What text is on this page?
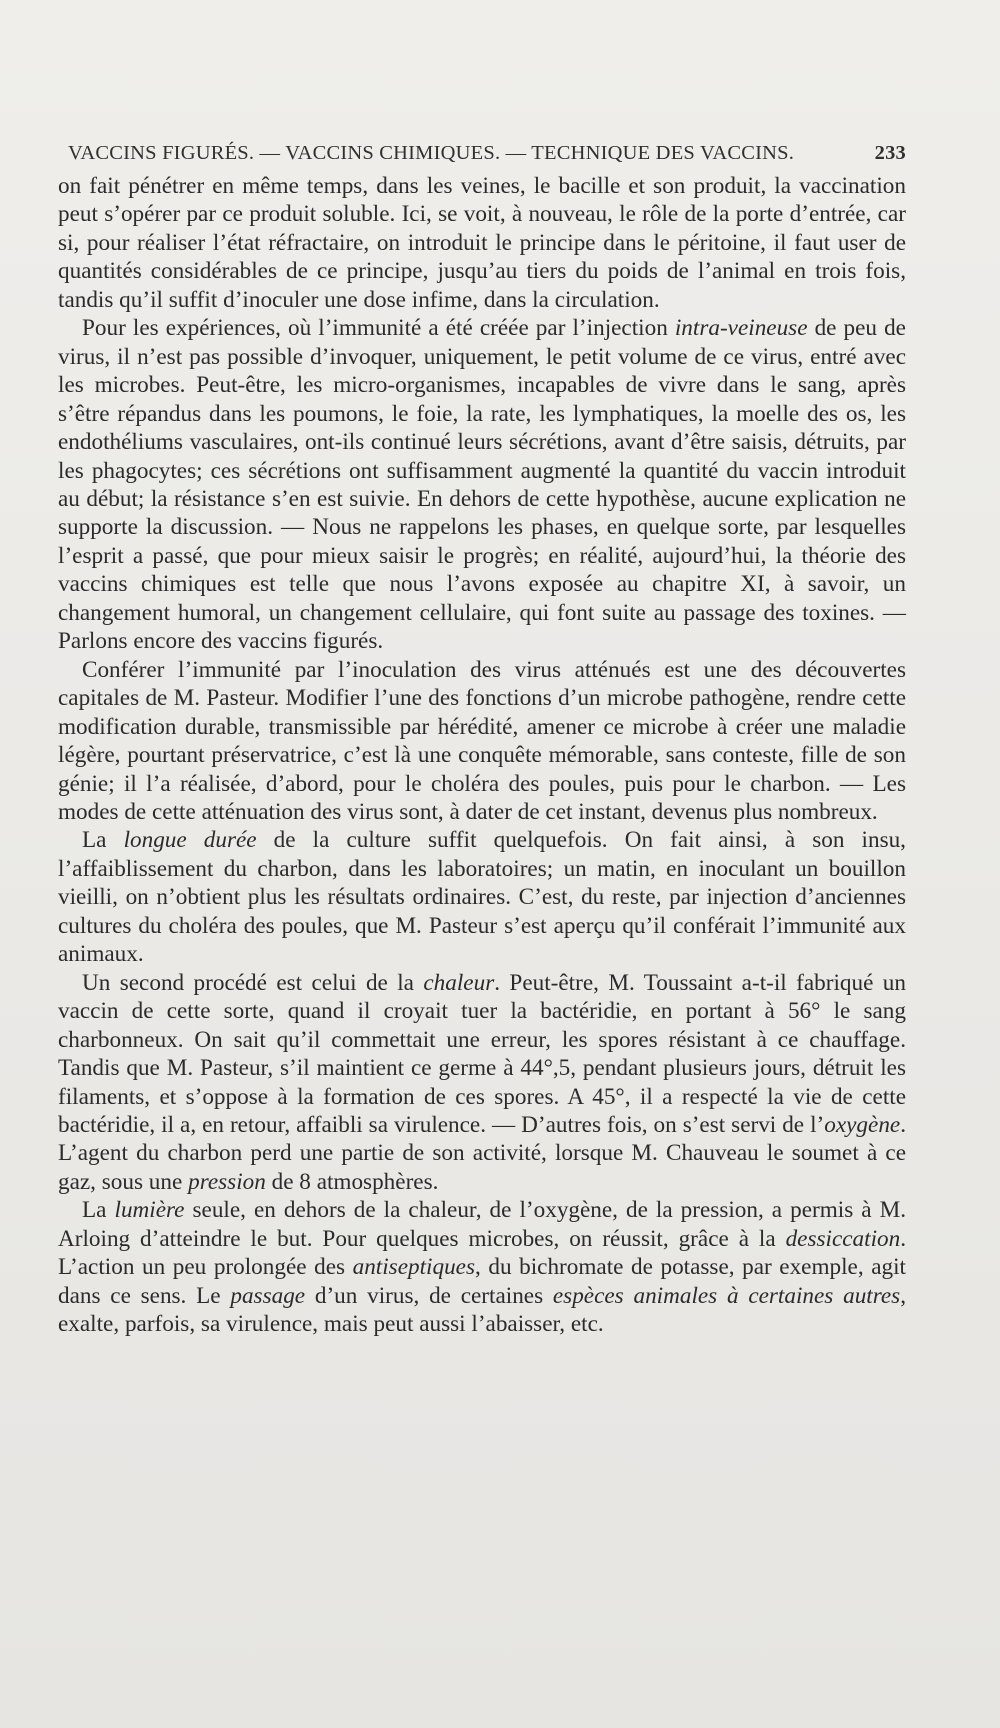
VACCINS FIGURÉS. — VACCINS CHIMIQUES. — TECHNIQUE DES VACCINS.	233

on fait pénétrer en même temps, dans les veines, le bacille et son produit, la vaccination peut s’opérer par ce produit soluble. Ici, se voit, à nouveau, le rôle de la porte d’entrée, car si, pour réaliser l’état réfractaire, on introduit le principe dans le péritoine, il faut user de quantités considérables de ce principe, jusqu’au tiers du poids de l’animal en trois fois, tandis qu’il suffit d’inoculer une dose infime, dans la circulation.

Pour les expériences, où l’immunité a été créée par l’injection intra-veineuse de peu de virus, il n’est pas possible d’invoquer, uniquement, le petit volume de ce virus, entré avec les microbes. Peut-être, les micro-organismes, incapables de vivre dans le sang, après s’être répandus dans les poumons, le foie, la rate, les lymphatiques, la moelle des os, les endothéliums vasculaires, ont-ils continué leurs sécrétions, avant d’être saisis, détruits, par les phagocytes; ces sécrétions ont suffisamment augmenté la quantité du vaccin introduit au début; la résistance s’en est suivie. En dehors de cette hypothèse, aucune explication ne supporte la discussion. — Nous ne rappelons les phases, en quelque sorte, par lesquelles l’esprit a passé, que pour mieux saisir le progrès; en réalité, aujourd’hui, la théorie des vaccins chimiques est telle que nous l’avons exposée au chapitre XI, à savoir, un changement humoral, un changement cellulaire, qui font suite au passage des toxines. — Parlons encore des vaccins figurés.

Conférer l’immunité par l’inoculation des virus atténués est une des découvertes capitales de M. Pasteur. Modifier l’une des fonctions d’un microbe pathogène, rendre cette modification durable, transmissible par hérédité, amener ce microbe à créer une maladie légère, pourtant préservatrice, c’est là une conquête mémorable, sans conteste, fille de son génie; il l’a réalisée, d’abord, pour le choléra des poules, puis pour le charbon. — Les modes de cette atténuation des virus sont, à dater de cet instant, devenus plus nombreux.

La longue durée de la culture suffit quelquefois. On fait ainsi, à son insu, l’affaiblissement du charbon, dans les laboratoires; un matin, en inoculant un bouillon vieilli, on n’obtient plus les résultats ordinaires. C’est, du reste, par injection d’anciennes cultures du choléra des poules, que M. Pasteur s’est aperçu qu’il conférait l’immunité aux animaux.

Un second procédé est celui de la chaleur. Peut-être, M. Toussaint a-t-il fabriqué un vaccin de cette sorte, quand il croyait tuer la bactéridie, en portant à 56° le sang charbonneux. On sait qu’il commettait une erreur, les spores résistant à ce chauffage. Tandis que M. Pasteur, s’il maintient ce germe à 44°,5, pendant plusieurs jours, détruit les filaments, et s’oppose à la formation de ces spores. A 45°, il a respecté la vie de cette bactéridie, il a, en retour, affaibli sa virulence. — D’autres fois, on s’est servi de l’oxygène. L’agent du charbon perd une partie de son activité, lorsque M. Chauveau le soumet à ce gaz, sous une pression de 8 atmosphères.

La lumière seule, en dehors de la chaleur, de l’oxygène, de la pression, a permis à M. Arloing d’atteindre le but. Pour quelques microbes, on réussit, grâce à la dessiccation. L’action un peu prolongée des antiseptiques, du bichromate de potasse, par exemple, agit dans ce sens. Le passage d’un virus, de certaines espèces animales à certaines autres, exalte, parfois, sa virulence, mais peut aussi l’abaisser, etc.
